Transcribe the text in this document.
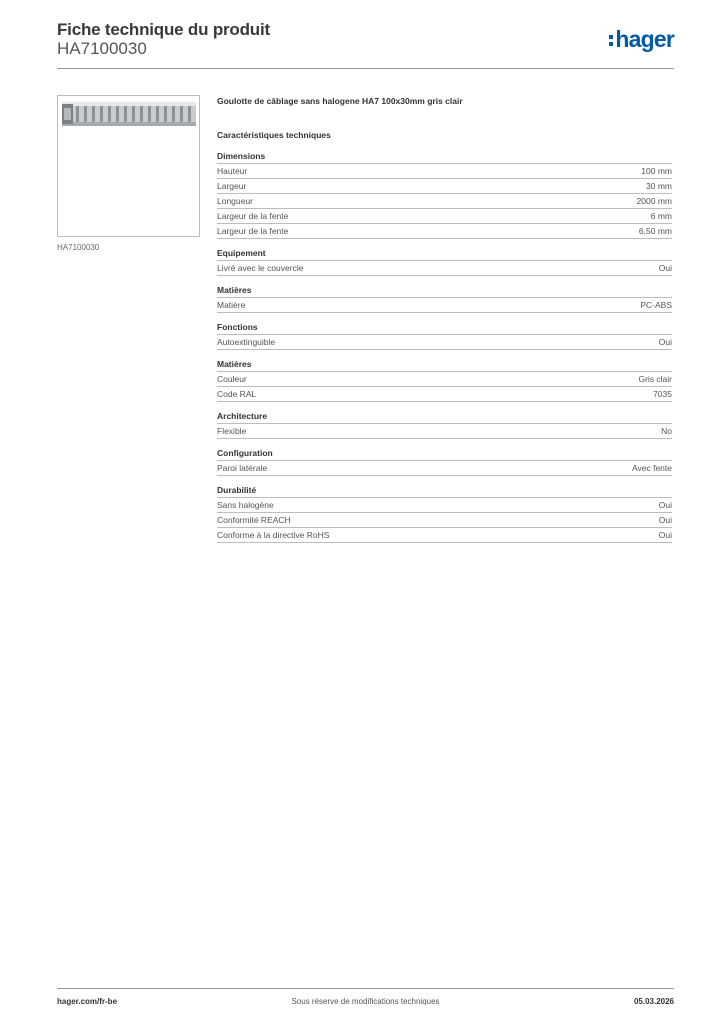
Fiche technique du produit
HA7100030	hager
HA7100030
Goulotte de câblage sans halogene HA7 100x30mm gris clair
Caractéristiques techniques
Dimensions
Hauteur	100 mm
Largeur	30 mm
Longueur	2000 mm
Largeur de la fente	6 mm
Largeur de la fente	6,50 mm
Equipement
Livré avec le couvercle	Oui
Matières
Matière	PC-ABS
Fonctions
Autoextinguible	Oui
Matières
Couleur	Gris clair
Code RAL	7035
Architecture
Flexible	No
Configuration
Paroi latérale	Avec fente
Durabilité
Sans halogène	Oui
Conformité REACH	Oui
Conforme à la directive RoHS	Oui
hager.com/fr-be	Sous réserve de modifications techniques	05.03.2026
